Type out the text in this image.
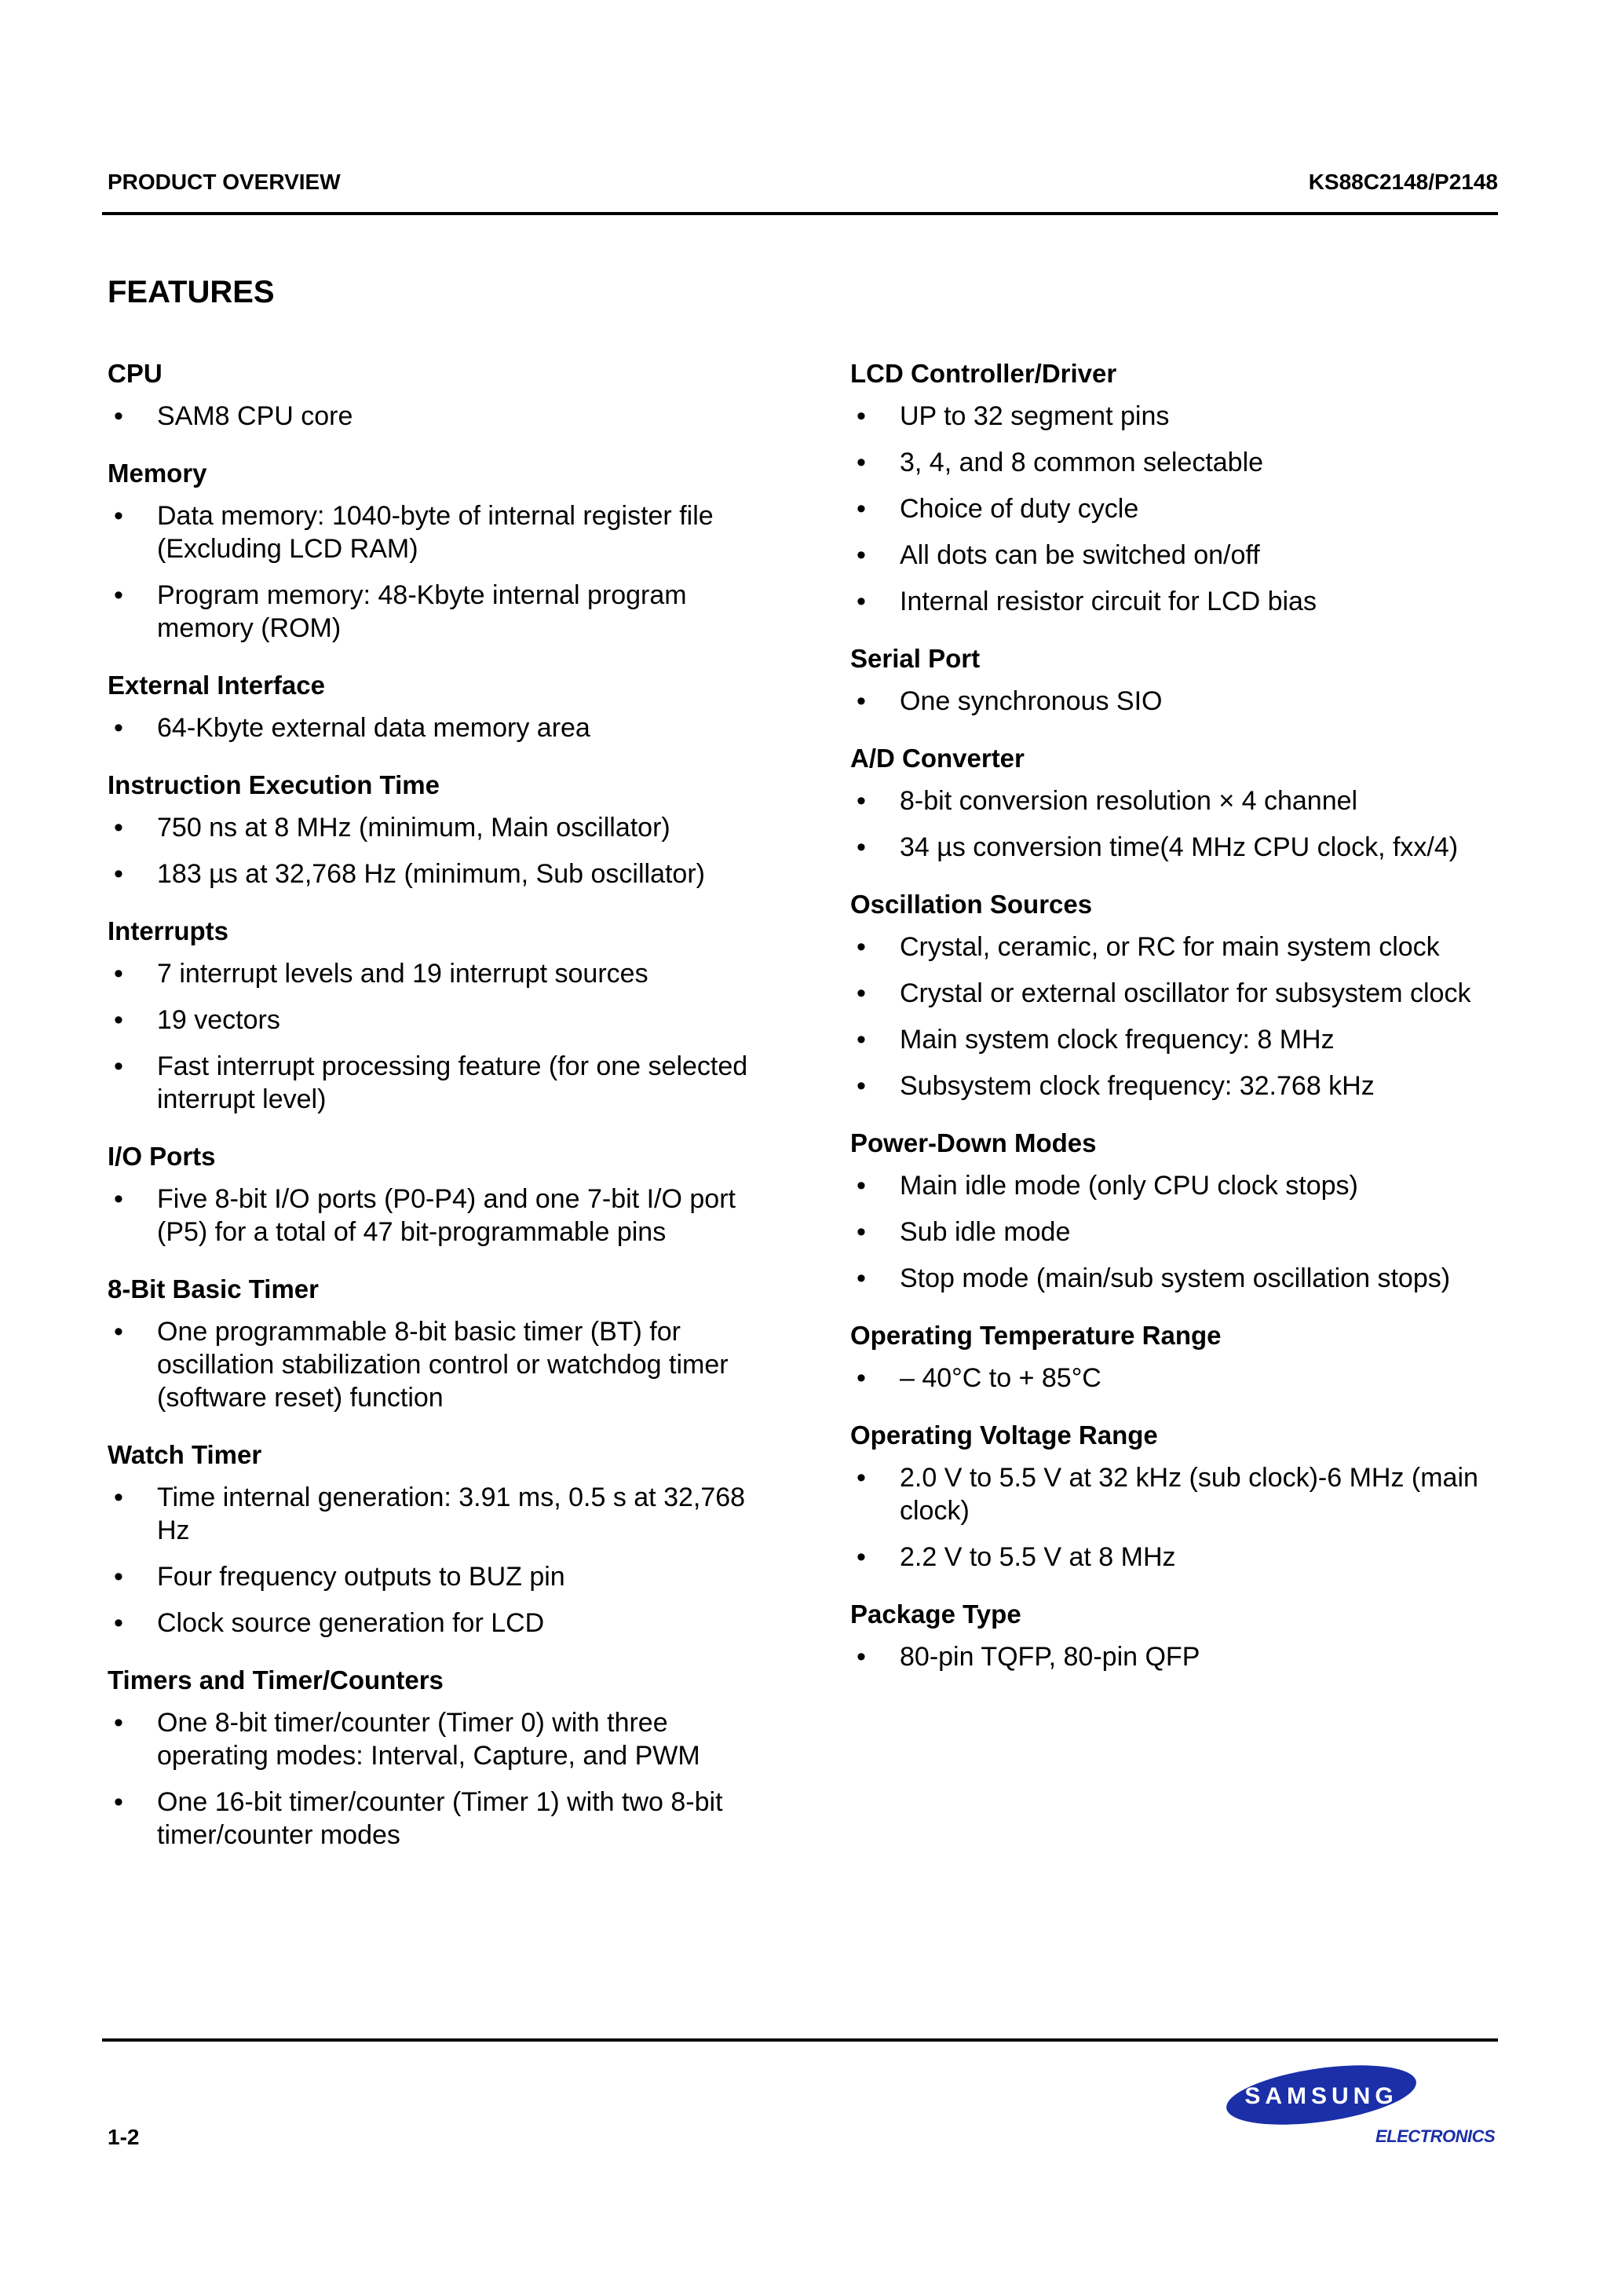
PRODUCT OVERVIEW	KS88C2148/P2148
FEATURES
CPU
• SAM8 CPU core
Memory
• Data memory: 1040-byte of internal register file (Excluding LCD RAM)
• Program memory: 48-Kbyte internal program memory (ROM)
External Interface
• 64-Kbyte external data memory area
Instruction Execution Time
• 750 ns at 8 MHz (minimum, Main oscillator)
• 183 µs at 32,768 Hz (minimum, Sub oscillator)
Interrupts
• 7 interrupt levels and 19 interrupt sources
• 19 vectors
• Fast interrupt processing feature (for one selected interrupt level)
I/O Ports
• Five 8-bit I/O ports (P0-P4) and one 7-bit I/O port (P5) for a total of 47 bit-programmable pins
8-Bit Basic Timer
• One programmable 8-bit basic timer (BT) for oscillation stabilization control or watchdog timer (software reset) function
Watch Timer
• Time internal generation: 3.91 ms, 0.5 s at 32,768 Hz
• Four frequency outputs to BUZ pin
• Clock source generation for LCD
Timers and Timer/Counters
• One 8-bit timer/counter (Timer 0) with three operating modes: Interval, Capture, and PWM
• One 16-bit timer/counter (Timer 1) with two 8-bit timer/counter modes
LCD Controller/Driver
• UP to 32 segment pins
• 3, 4, and 8 common selectable
• Choice of duty cycle
• All dots can be switched on/off
• Internal resistor circuit for LCD bias
Serial Port
• One synchronous SIO
A/D Converter
• 8-bit conversion resolution × 4 channel
• 34 µs conversion time(4 MHz CPU clock, fxx/4)
Oscillation Sources
• Crystal, ceramic, or RC for main system clock
• Crystal or external oscillator for subsystem clock
• Main system clock frequency: 8 MHz
• Subsystem clock frequency: 32.768 kHz
Power-Down Modes
• Main idle mode (only CPU clock stops)
• Sub idle mode
• Stop mode (main/sub system oscillation stops)
Operating Temperature Range
• – 40°C to + 85°C
Operating Voltage Range
• 2.0 V to 5.5 V at 32 kHz (sub clock)-6 MHz (main clock)
• 2.2 V to 5.5 V at 8 MHz
Package Type
• 80-pin TQFP, 80-pin QFP
1-2
SAMSUNG
ELECTRONICS
